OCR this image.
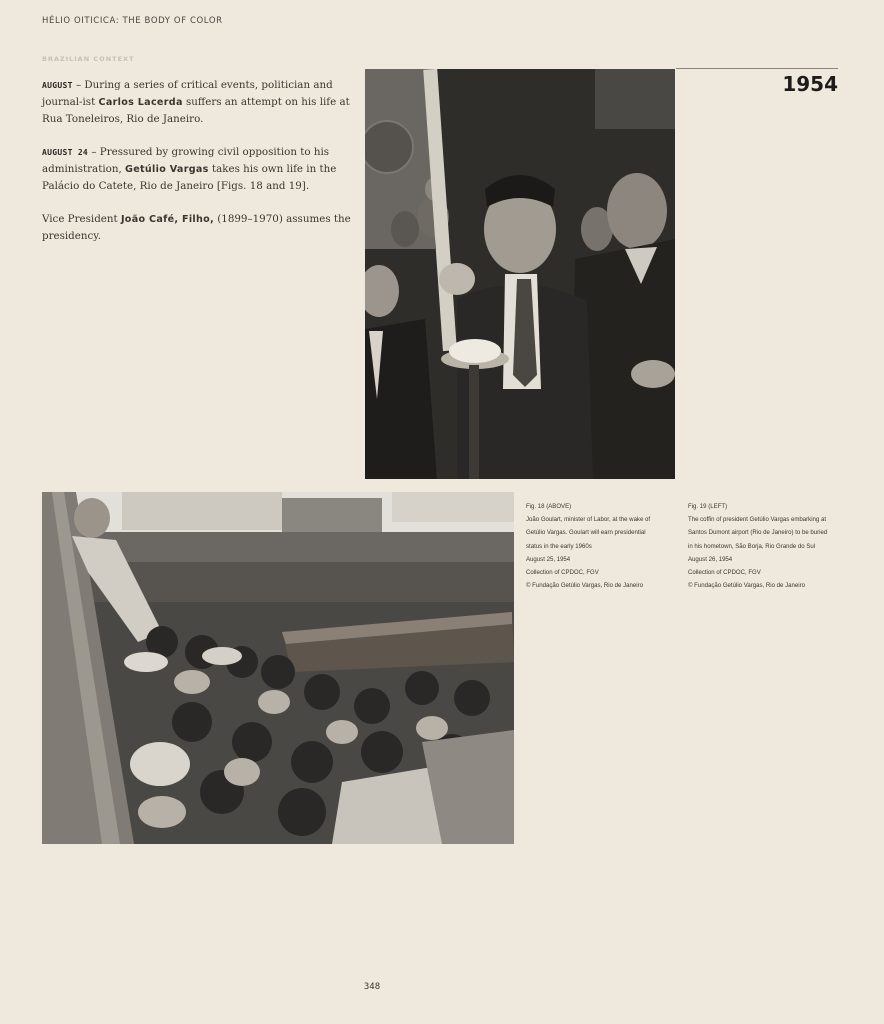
HÉLIO OITICICA: THE BODY OF COLOR
BRAZILIAN CONTEXT
1954

AUGUST – During a series of critical events, politician and journal-ist Carlos Lacerda suffers an attempt on his life at Rua Toneleiros, Rio de Janeiro.

AUGUST 24 – Pressured by growing civil opposition to his administration, Getúlio Vargas takes his own life in the Palácio do Catete, Rio de Janeiro [Figs. 18 and 19].

Vice President João Café, Filho, (1899–1970) assumes the presidency.

Fig. 18 (ABOVE)
João Goulart, minister of Labor, at the wake of
Getúlio Vargas. Goulart will earn presidential
status in the early 1960s
August 25, 1954
Collection of CPDOC, FGV
© Fundação Getúlio Vargas, Rio de Janeiro
Fig. 19 (LEFT)
The coffin of president Getúlio Vargas embarking at
Santos Dumont airport (Rio de Janeiro) to be buried
in his hometown, São Borja, Rio Grande do Sul
August 26, 1954
Collection of CPDOC, FGV
© Fundação Getúlio Vargas, Rio de Janeiro
348
